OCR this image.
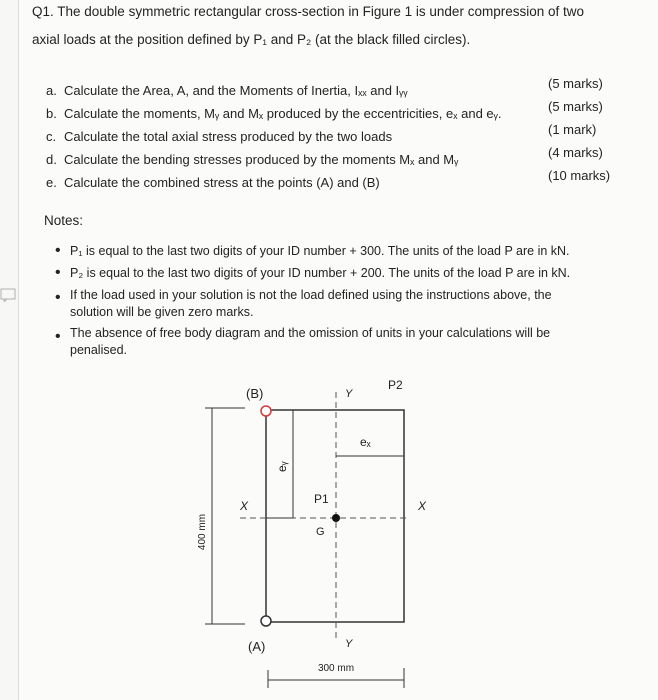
Q1. The double symmetric rectangular cross-section in Figure 1 is under compression of two
axial loads at the position defined by P₁ and P₂ (at the black filled circles).
a. Calculate the Area, A, and the Moments of Inertia, Iₓₓ and Iᵧᵧ	(5 marks)
b. Calculate the moments, Mᵧ and Mₓ produced by the eccentricities, eₓ and eᵧ.	(5 marks)
c. Calculate the total axial stress produced by the two loads	(1 mark)
d. Calculate the bending stresses produced by the moments Mₓ and Mᵧ	(4 marks)
e. Calculate the combined stress at the points (A) and (B)	(10 marks)
Notes:
• P₁ is equal to the last two digits of your ID number + 300. The units of the load P are in kN.
• P₂ is equal to the last two digits of your ID number + 200. The units of the load P are in kN.
• If the load used in your solution is not the load defined using the instructions above, the
solution will be given zero marks.
• The absence of free body diagram and the omission of units in your calculations will be
penalised.
(B)
(A)
P1
P2
G
eₓ
eᵧ
X	X
Y
Y
400 mm
300 mm
